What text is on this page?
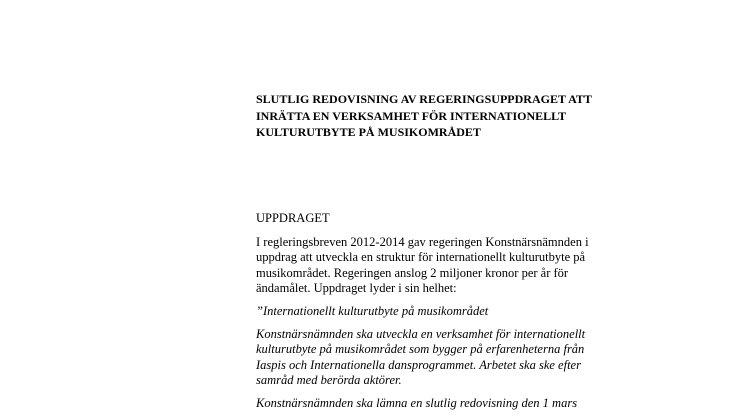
SLUTLIG REDOVISNING AV REGERINGSUPPDRAGET ATT
INRÄTTA EN VERKSAMHET FÖR INTERNATIONELLT
KULTURUTBYTE PÅ MUSIKOMRÅDET
UPPDRAGET
I regleringsbreven 2012-2014 gav regeringen Konstnärsnämnden i
uppdrag att utveckla en struktur för internationellt kulturutbyte på
musikområdet. Regeringen anslog 2 miljoner kronor per år för
ändamålet. Uppdraget lyder i sin helhet:
”Internationellt kulturutbyte på musikområdet
Konstnärsnämnden ska utveckla en verksamhet för internationellt
kulturutbyte på musikområdet som bygger på erfarenheterna från
Iaspis och Internationella dansprogrammet. Arbetet ska ske efter
samråd med berörda aktörer.
Konstnärsnämnden ska lämna en slutlig redovisning den 1 mars
